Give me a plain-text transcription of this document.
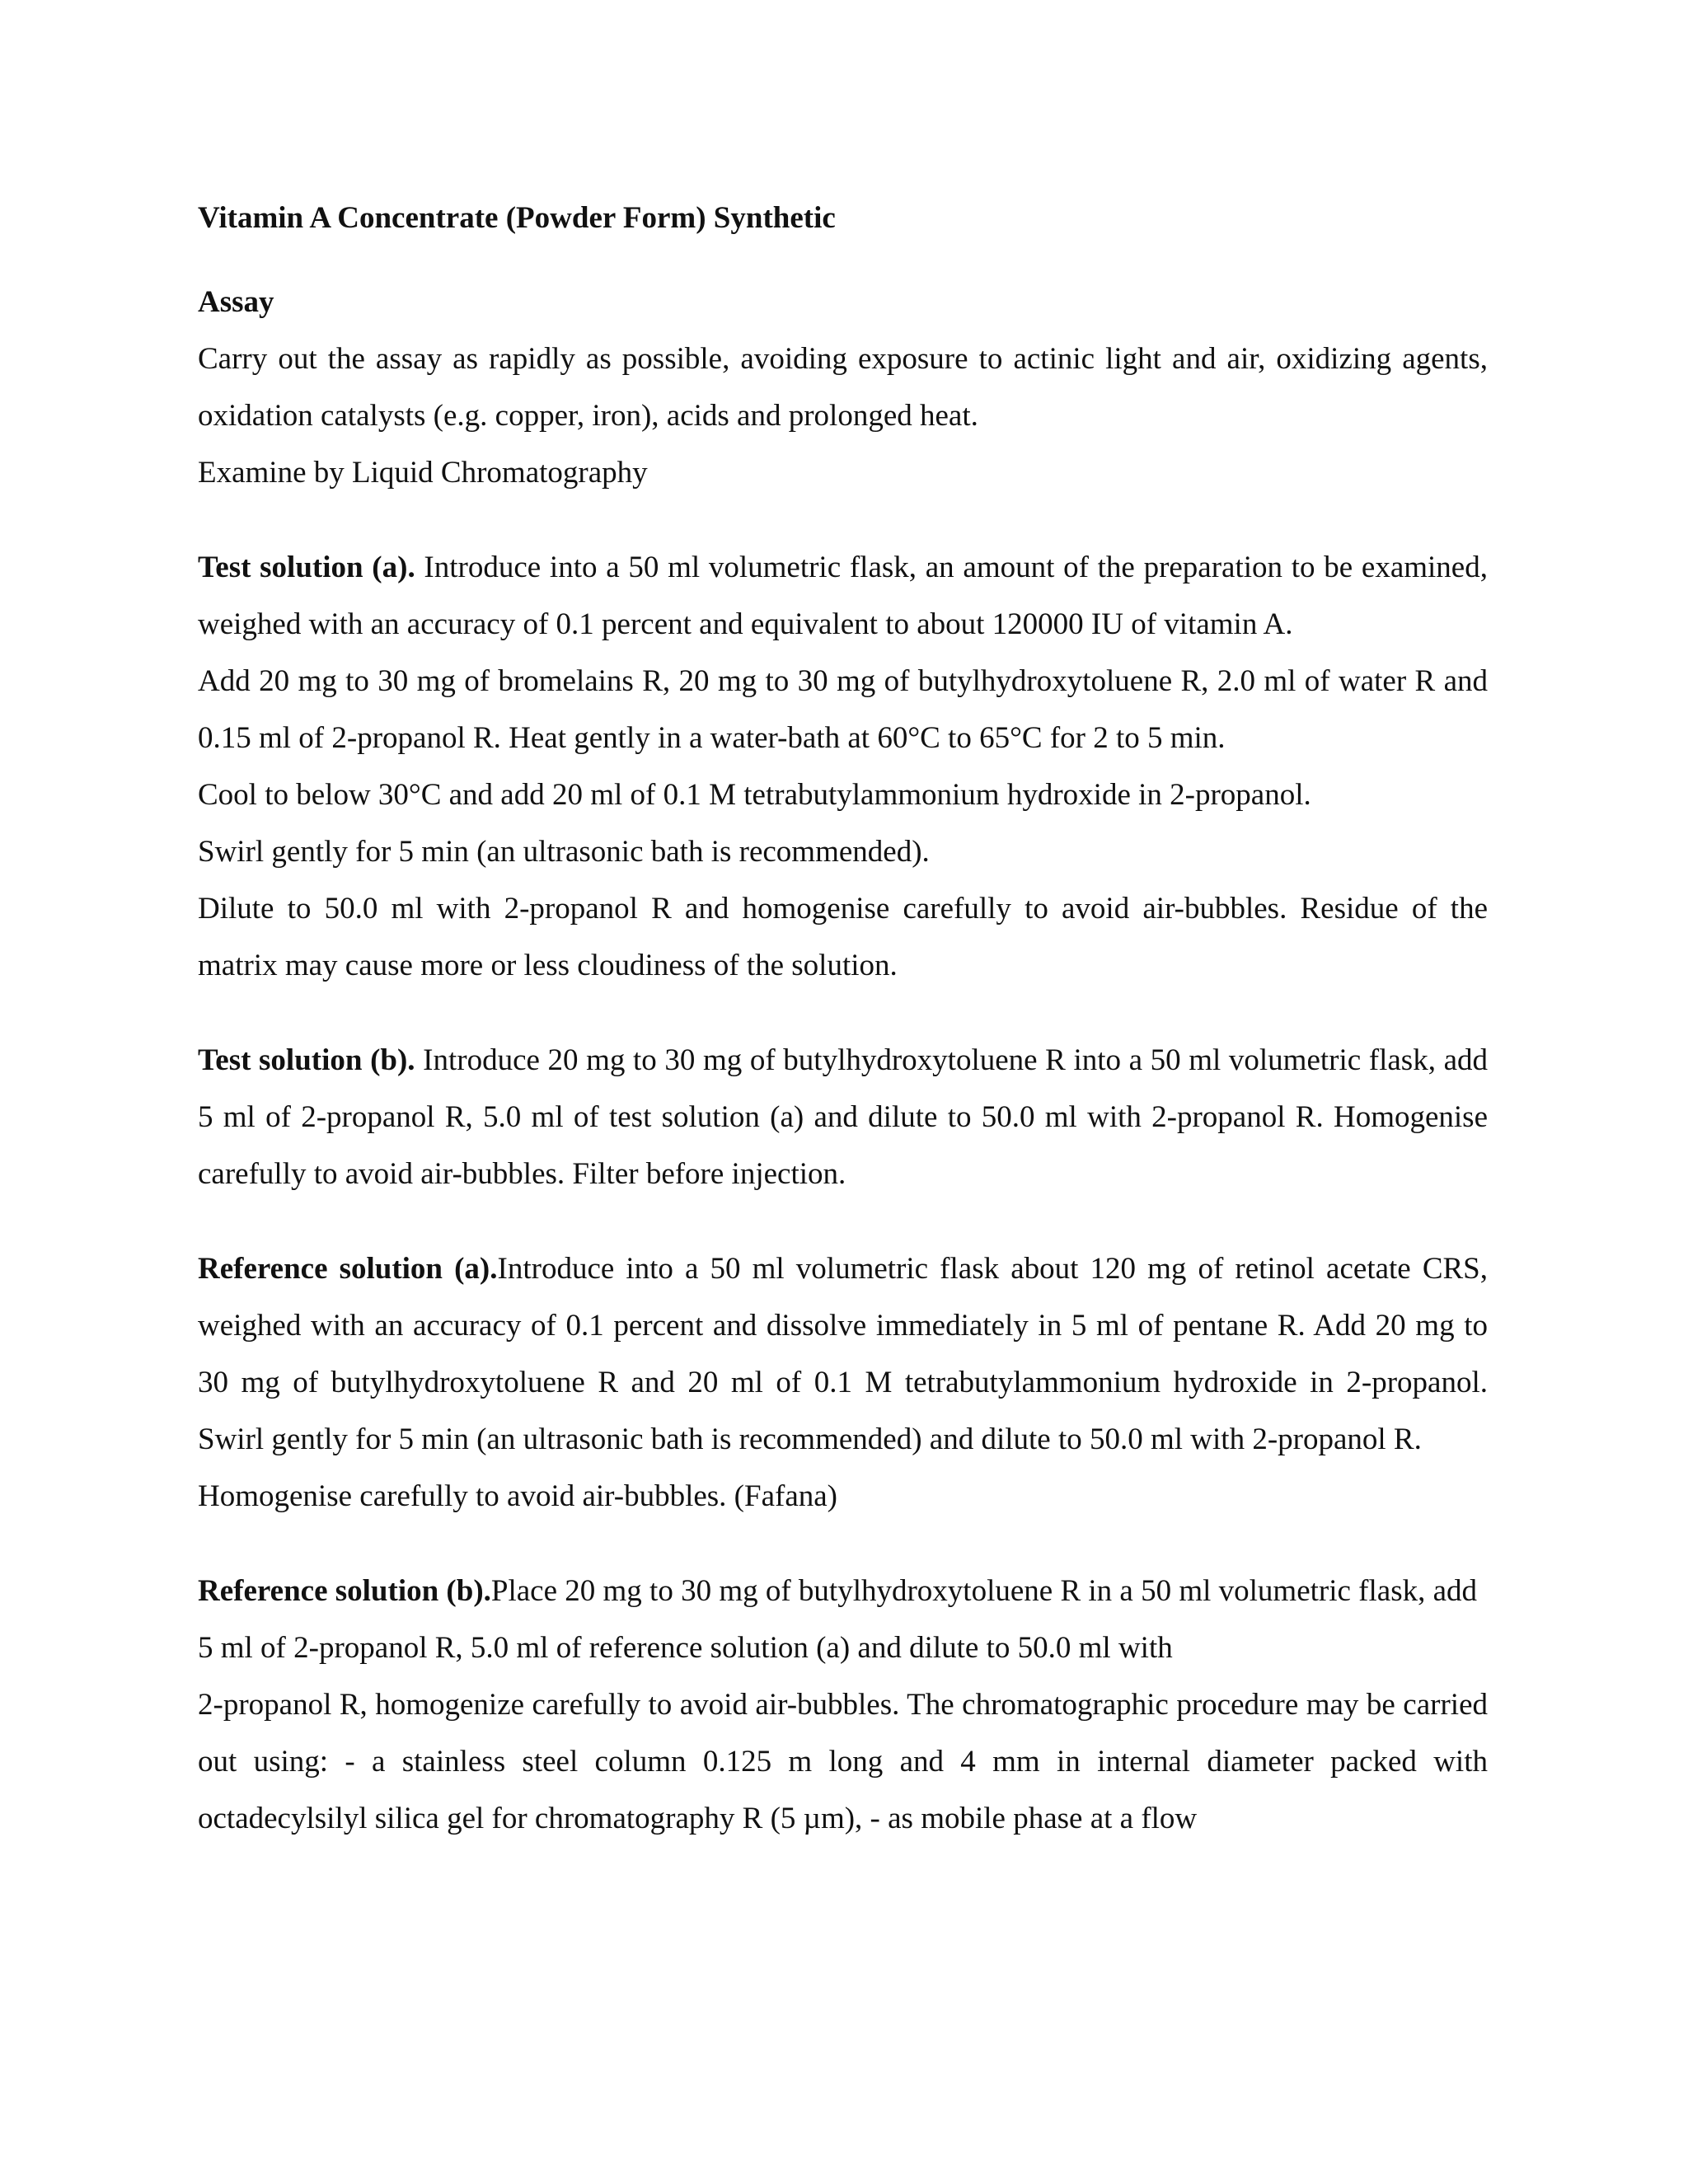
Vitamin A Concentrate (Powder Form) Synthetic

Assay

Carry out the assay as rapidly as possible, avoiding exposure to actinic light and air, oxidizing agents, oxidation catalysts (e.g. copper, iron), acids and prolonged heat.

Examine by Liquid Chromatography

Test solution (a). Introduce into a 50 ml volumetric flask, an amount of the preparation to be examined, weighed with an accuracy of 0.1 percent and equivalent to about 120000 IU of vitamin A.

Add 20 mg to 30 mg of bromelains R, 20 mg to 30 mg of butylhydroxytoluene R, 2.0 ml of water R and 0.15 ml of 2-propanol R. Heat gently in a water-bath at 60°C to 65°C for 2 to 5 min.

Cool to below 30°C and add 20 ml of 0.1 M tetrabutylammonium hydroxide in 2-propanol.

Swirl gently for 5 min (an ultrasonic bath is recommended).

Dilute to 50.0 ml with 2-propanol R and homogenise carefully to avoid air-bubbles. Residue of the matrix may cause more or less cloudiness of the solution.

Test solution (b). Introduce 20 mg to 30 mg of butylhydroxytoluene R into a 50 ml volumetric flask, add 5 ml of 2-propanol R, 5.0 ml of test solution (a) and dilute to 50.0 ml with 2-propanol R. Homogenise carefully to avoid air-bubbles. Filter before injection.

Reference solution (a).Introduce into a 50 ml volumetric flask about 120 mg of retinol acetate CRS, weighed with an accuracy of 0.1 percent and dissolve immediately in 5 ml of pentane R. Add 20 mg to 30 mg of butylhydroxytoluene R and 20 ml of 0.1 M tetrabutylammonium hydroxide in 2-propanol. Swirl gently for 5 min (an ultrasonic bath is recommended) and dilute to 50.0 ml with 2-propanol R.

Homogenise carefully to avoid air-bubbles. (Fafana)

Reference solution (b).Place 20 mg to 30 mg of butylhydroxytoluene R in a 50 ml volumetric flask, add 5 ml of 2-propanol R, 5.0 ml of reference solution (a) and dilute to 50.0 ml with

2-propanol R, homogenize carefully to avoid air-bubbles. The chromatographic procedure may be carried out using: - a stainless steel column 0.125 m long and 4 mm in internal diameter packed with octadecylsilyl silica gel for chromatography R (5 µm), - as mobile phase at a flow
